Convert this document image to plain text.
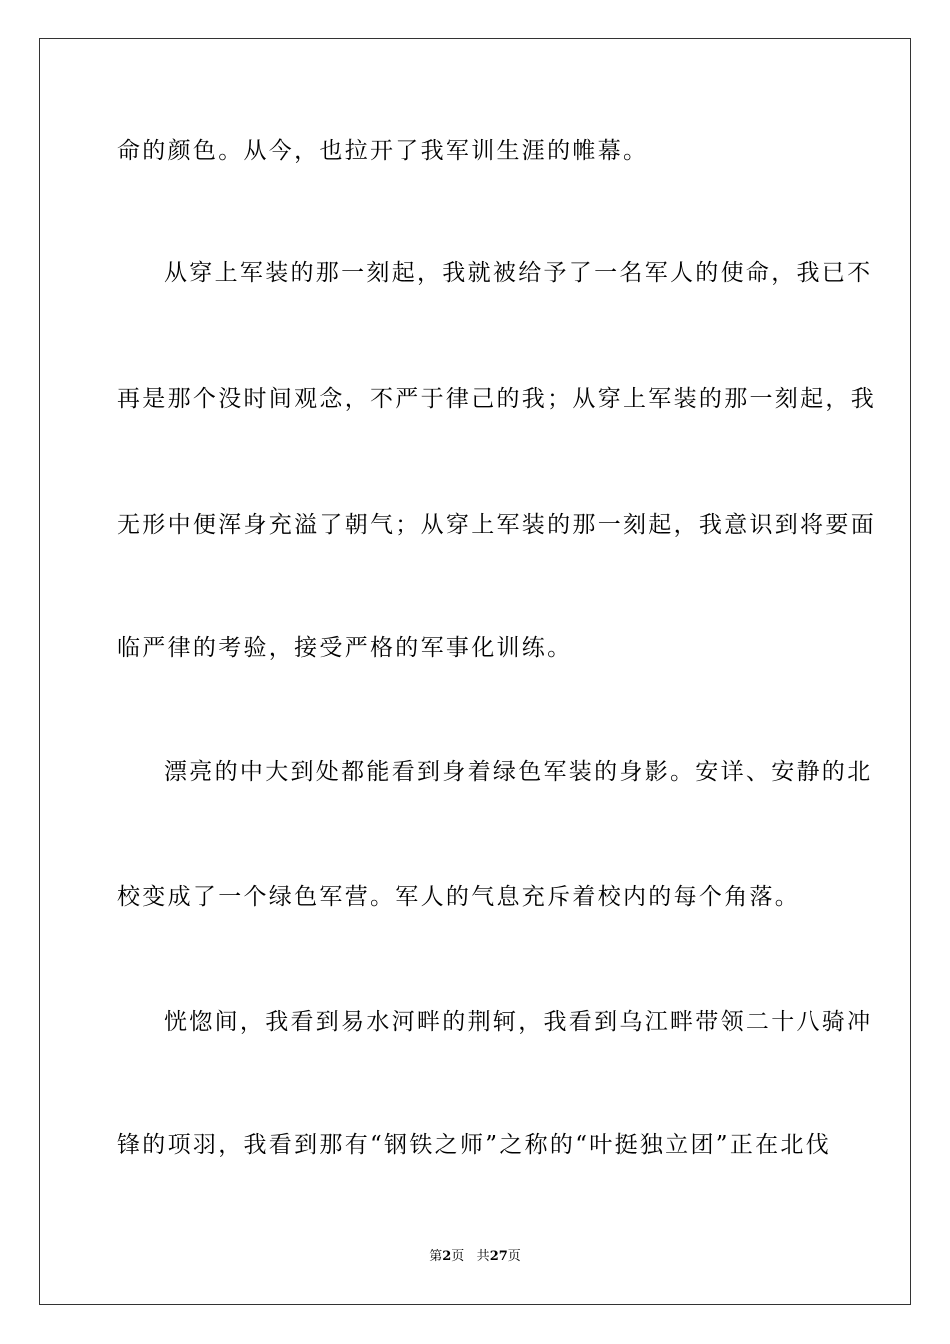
命的颜色。从今，也拉开了我军训生涯的帷幕。
从穿上军装的那一刻起，我就被给予了一名军人的使命，我已不
再是那个没时间观念，不严于律己的我；从穿上军装的那一刻起，我
无形中便浑身充溢了朝气；从穿上军装的那一刻起，我意识到将要面
临严律的考验，接受严格的军事化训练。
漂亮的中大到处都能看到身着绿色军装的身影。安详、安静的北
校变成了一个绿色军营。军人的气息充斥着校内的每个角落。
恍惚间，我看到易水河畔的荆轲，我看到乌江畔带领二十八骑冲
锋的项羽，我看到那有“钢铁之师”之称的“叶挺独立团”正在北伐
第2页 共27页
